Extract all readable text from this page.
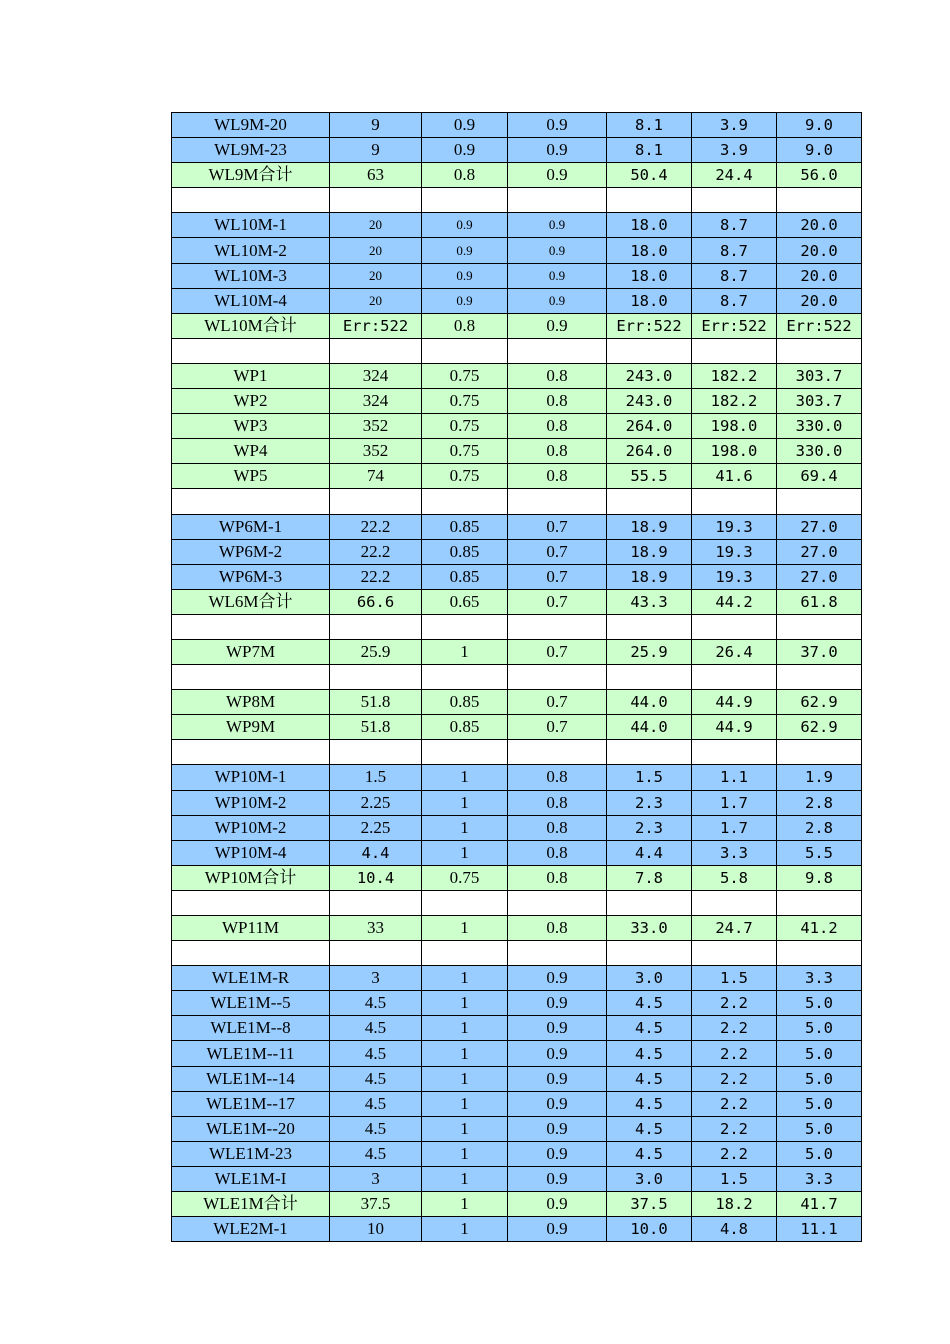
WL9M-20	9	0.9	0.9	8.1	3.9	9.0
WL9M-23	9	0.9	0.9	8.1	3.9	9.0
WL9M合计	63	0.8	0.9	50.4	24.4	56.0

WL10M-1	20	0.9	0.9	18.0	8.7	20.0
WL10M-2	20	0.9	0.9	18.0	8.7	20.0
WL10M-3	20	0.9	0.9	18.0	8.7	20.0
WL10M-4	20	0.9	0.9	18.0	8.7	20.0
WL10M合计	Err:522	0.8	0.9	Err:522	Err:522	Err:522

WP1	324	0.75	0.8	243.0	182.2	303.7
WP2	324	0.75	0.8	243.0	182.2	303.7
WP3	352	0.75	0.8	264.0	198.0	330.0
WP4	352	0.75	0.8	264.0	198.0	330.0
WP5	74	0.75	0.8	55.5	41.6	69.4

WP6M-1	22.2	0.85	0.7	18.9	19.3	27.0
WP6M-2	22.2	0.85	0.7	18.9	19.3	27.0
WP6M-3	22.2	0.85	0.7	18.9	19.3	27.0
WL6M合计	66.6	0.65	0.7	43.3	44.2	61.8

WP7M	25.9	1	0.7	25.9	26.4	37.0

WP8M	51.8	0.85	0.7	44.0	44.9	62.9
WP9M	51.8	0.85	0.7	44.0	44.9	62.9

WP10M-1	1.5	1	0.8	1.5	1.1	1.9
WP10M-2	2.25	1	0.8	2.3	1.7	2.8
WP10M-2	2.25	1	0.8	2.3	1.7	2.8
WP10M-4	4.4	1	0.8	4.4	3.3	5.5
WP10M合计	10.4	0.75	0.8	7.8	5.8	9.8

WP11M	33	1	0.8	33.0	24.7	41.2

WLE1M-R	3	1	0.9	3.0	1.5	3.3
WLE1M--5	4.5	1	0.9	4.5	2.2	5.0
WLE1M--8	4.5	1	0.9	4.5	2.2	5.0
WLE1M--11	4.5	1	0.9	4.5	2.2	5.0
WLE1M--14	4.5	1	0.9	4.5	2.2	5.0
WLE1M--17	4.5	1	0.9	4.5	2.2	5.0
WLE1M--20	4.5	1	0.9	4.5	2.2	5.0
WLE1M-23	4.5	1	0.9	4.5	2.2	5.0
WLE1M-I	3	1	0.9	3.0	1.5	3.3
WLE1M合计	37.5	1	0.9	37.5	18.2	41.7
WLE2M-1	10	1	0.9	10.0	4.8	11.1
